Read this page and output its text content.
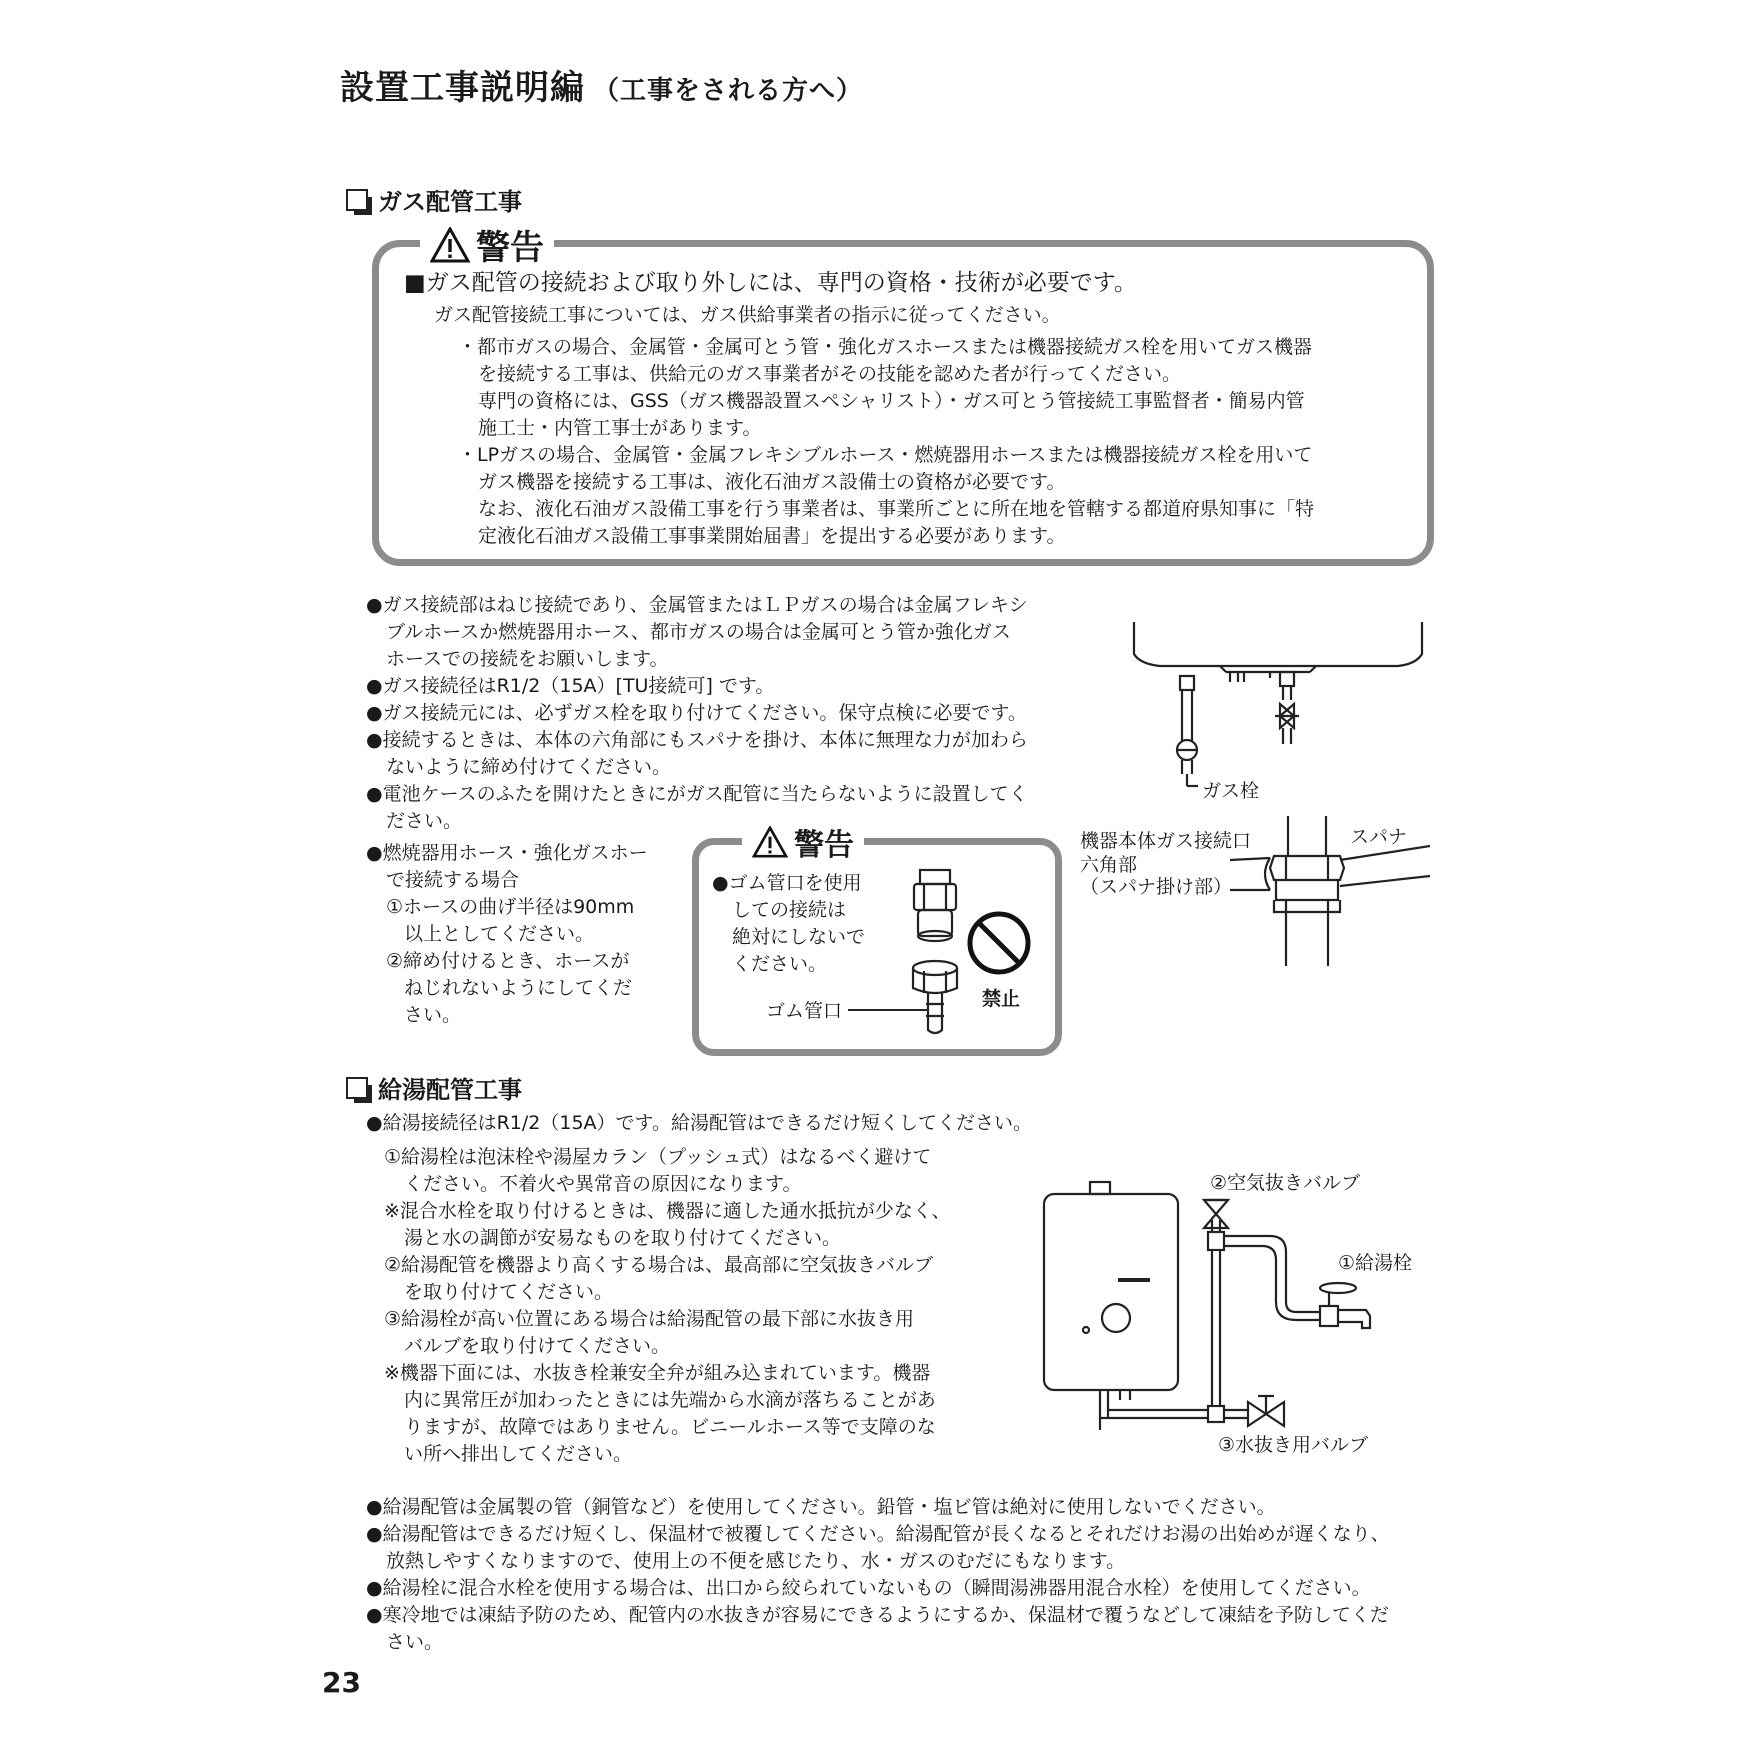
設置工事説明編 （工事をされる方へ）
ガス配管工事
警告
■ガス配管の接続および取り外しには、専門の資格・技術が必要です。
ガス配管接続工事については、ガス供給事業者の指示に従ってください。
・都市ガスの場合、金属管・金属可とう管・強化ガスホースまたは機器接続ガス栓を用いてガス機器
を接続する工事は、供給元のガス事業者がその技能を認めた者が行ってください。
専門の資格には、GSS（ガス機器設置スペシャリスト）・ガス可とう管接続工事監督者・簡易内管
施工士・内管工事士があります。
・LPガスの場合、金属管・金属フレキシブルホース・燃焼器用ホースまたは機器接続ガス栓を用いて
ガス機器を接続する工事は、液化石油ガス設備士の資格が必要です。
なお、液化石油ガス設備工事を行う事業者は、事業所ごとに所在地を管轄する都道府県知事に「特
定液化石油ガス設備工事事業開始届書」を提出する必要があります。
●ガス接続部はねじ接続であり、金属管またはＬＰガスの場合は金属フレキシ
ブルホースか燃焼器用ホース、都市ガスの場合は金属可とう管か強化ガス
ホースでの接続をお願いします。
●ガス接続径はR1/2（15A）[TU接続可] です。
●ガス接続元には、必ずガス栓を取り付けてください。保守点検に必要です。
●接続するときは、本体の六角部にもスパナを掛け、本体に無理な力が加わら
ないように締め付けてください。
●電池ケースのふたを開けたときにがガス配管に当たらないように設置してく
ださい。
●燃焼器用ホース・強化ガスホー
で接続する場合
①ホースの曲げ半径は90mm
以上としてください。
②締め付けるとき、ホースが
ねじれないようにしてくだ
さい。
警告
●ゴム管口を使用
しての接続は
絶対にしないで
ください。
ゴム管口
禁止
ガス栓
機器本体ガス接続口
六角部
（スパナ掛け部）
スパナ
給湯配管工事
●給湯接続径はR1/2（15A）です。給湯配管はできるだけ短くしてください。
①給湯栓は泡沫栓や湯屋カラン（プッシュ式）はなるべく避けて
ください。不着火や異常音の原因になります。
※混合水栓を取り付けるときは、機器に適した通水抵抗が少なく、
湯と水の調節が安易なものを取り付けてください。
②給湯配管を機器より高くする場合は、最高部に空気抜きバルブ
を取り付けてください。
③給湯栓が高い位置にある場合は給湯配管の最下部に水抜き用
バルブを取り付けてください。
※機器下面には、水抜き栓兼安全弁が組み込まれています。機器
内に異常圧が加わったときには先端から水滴が落ちることがあ
りますが、故障ではありません。ビニールホース等で支障のな
い所へ排出してください。
②空気抜きバルブ
①給湯栓
③水抜き用バルブ
●給湯配管は金属製の管（銅管など）を使用してください。鉛管・塩ビ管は絶対に使用しないでください。
●給湯配管はできるだけ短くし、保温材で被覆してください。給湯配管が長くなるとそれだけお湯の出始めが遅くなり、
放熱しやすくなりますので、使用上の不便を感じたり、水・ガスのむだにもなります。
●給湯栓に混合水栓を使用する場合は、出口から絞られていないもの（瞬間湯沸器用混合水栓）を使用してください。
●寒冷地では凍結予防のため、配管内の水抜きが容易にできるようにするか、保温材で覆うなどして凍結を予防してくだ
さい。
23
